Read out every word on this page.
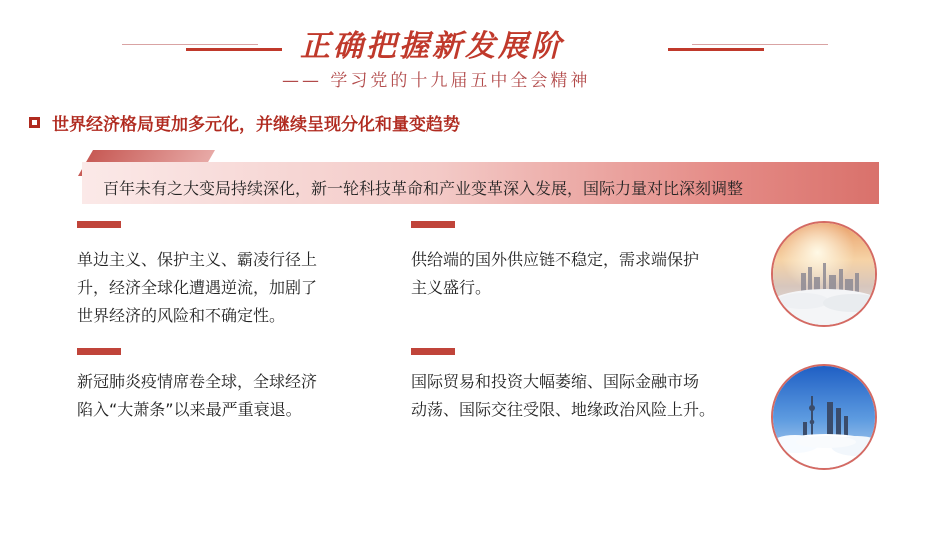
正确把握新发展阶
—— 学习党的十九届五中全会精神
世界经济格局更加多元化，并继续呈现分化和量变趋势
百年未有之大变局持续深化，新一轮科技革命和产业变革深入发展，国际力量对比深刻调整
单边主义、保护主义、霸凌行径上
升，经济全球化遭遇逆流，加剧了
世界经济的风险和不确定性。
供给端的国外供应链不稳定，需求端保护
主义盛行。
新冠肺炎疫情席卷全球，全球经济
陷入“大萧条”以来最严重衰退。
国际贸易和投资大幅萎缩、国际金融市场
动荡、国际交往受限、地缘政治风险上升。
